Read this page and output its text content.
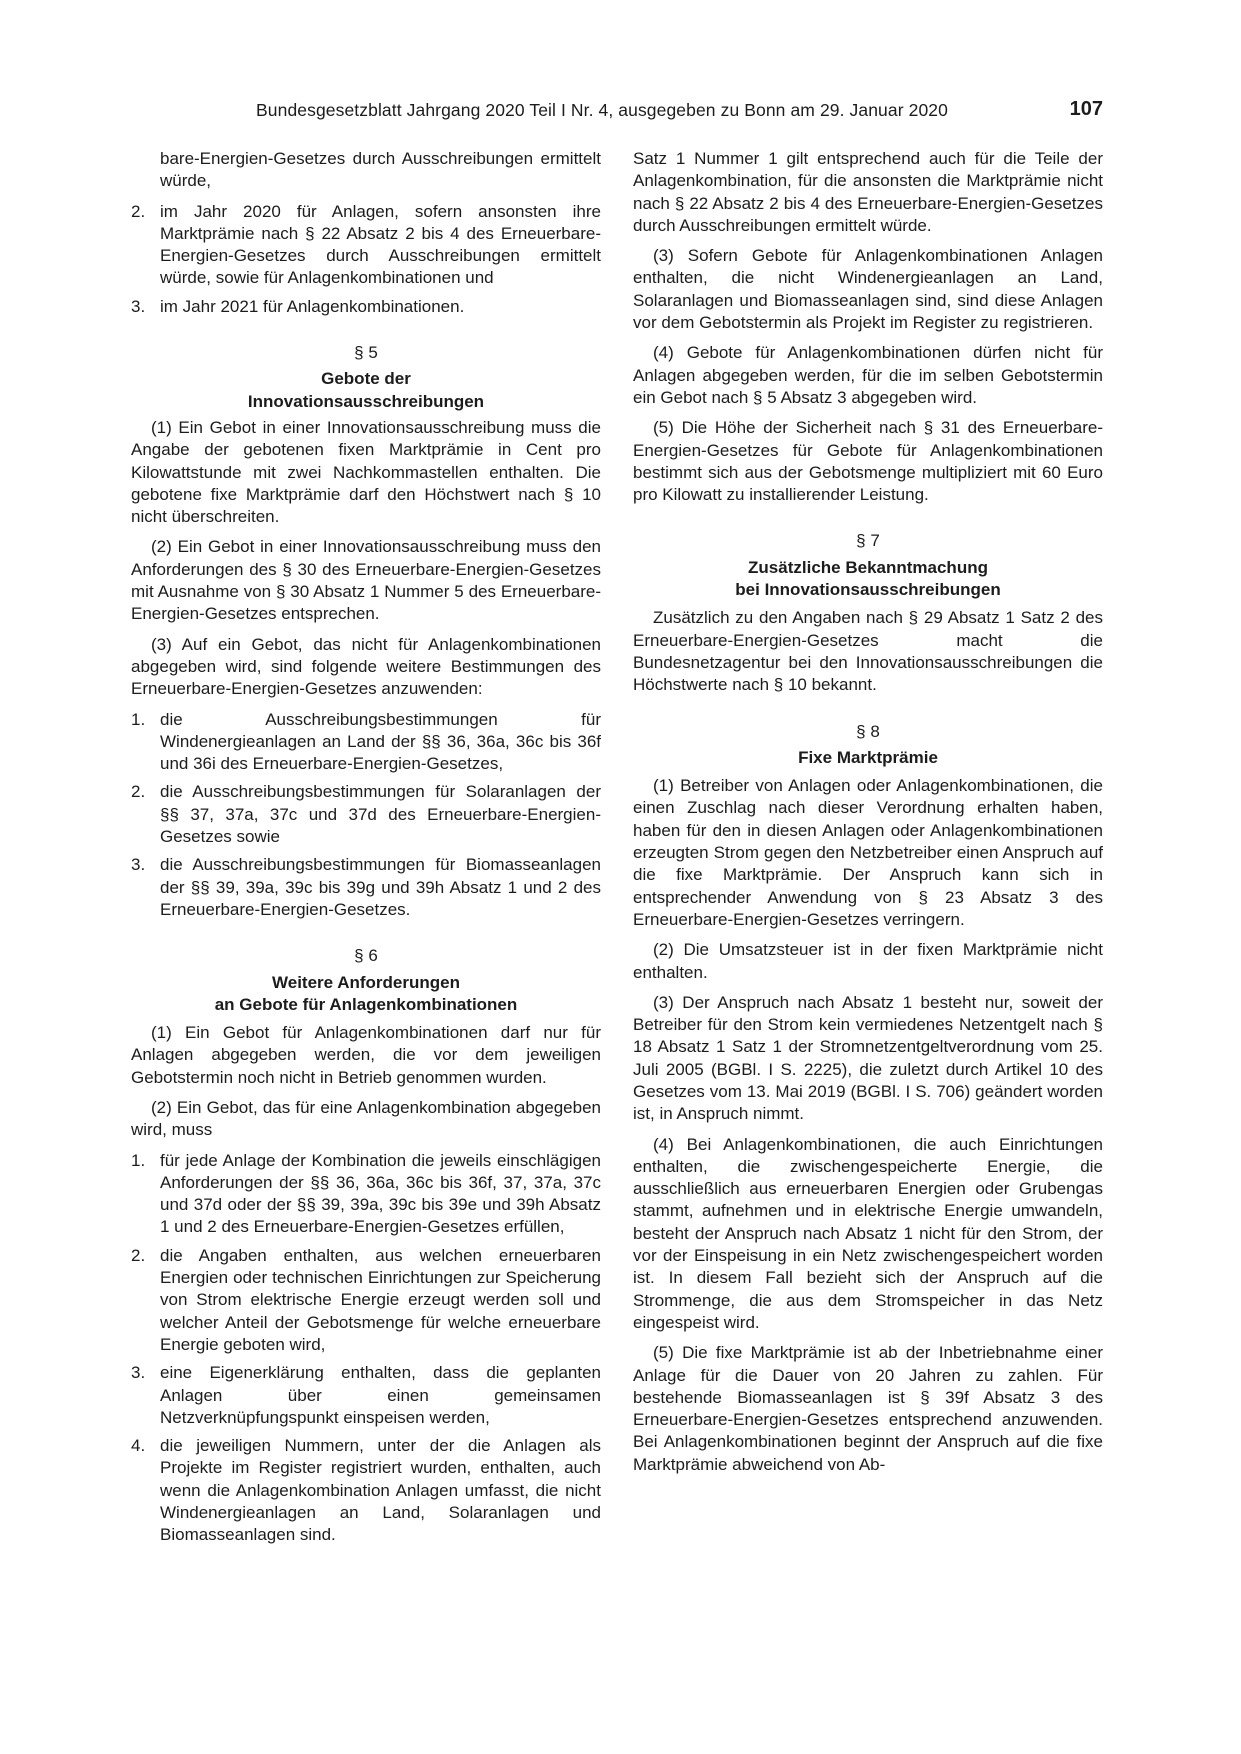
Bundesgesetzblatt Jahrgang 2020 Teil I Nr. 4, ausgegeben zu Bonn am 29. Januar 2020	107
bare-Energien-Gesetzes durch Ausschreibungen ermittelt würde,
2. im Jahr 2020 für Anlagen, sofern ansonsten ihre Marktprämie nach § 22 Absatz 2 bis 4 des Erneuerbare-Energien-Gesetzes durch Ausschreibungen ermittelt würde, sowie für Anlagenkombinationen und
3. im Jahr 2021 für Anlagenkombinationen.
§ 5
Gebote der
Innovationsausschreibungen

(1) Ein Gebot in einer Innovationsausschreibung muss die Angabe der gebotenen fixen Marktprämie in Cent pro Kilowattstunde mit zwei Nachkommastellen enthalten. Die gebotene fixe Marktprämie darf den Höchstwert nach § 10 nicht überschreiten.

(2) Ein Gebot in einer Innovationsausschreibung muss den Anforderungen des § 30 des Erneuerbare-Energien-Gesetzes mit Ausnahme von § 30 Absatz 1 Nummer 5 des Erneuerbare-Energien-Gesetzes entsprechen.

(3) Auf ein Gebot, das nicht für Anlagenkombinationen abgegeben wird, sind folgende weitere Bestimmungen des Erneuerbare-Energien-Gesetzes anzuwenden:

1. die Ausschreibungsbestimmungen für Windenergieanlagen an Land der §§ 36, 36a, 36c bis 36f und 36i des Erneuerbare-Energien-Gesetzes,
2. die Ausschreibungsbestimmungen für Solaranlagen der §§ 37, 37a, 37c und 37d des Erneuerbare-Energien-Gesetzes sowie
3. die Ausschreibungsbestimmungen für Biomasseanlagen der §§ 39, 39a, 39c bis 39g und 39h Absatz 1 und 2 des Erneuerbare-Energien-Gesetzes.
§ 6
Weitere Anforderungen
an Gebote für Anlagenkombinationen

(1) Ein Gebot für Anlagenkombinationen darf nur für Anlagen abgegeben werden, die vor dem jeweiligen Gebotstermin noch nicht in Betrieb genommen wurden.

(2) Ein Gebot, das für eine Anlagenkombination abgegeben wird, muss

1. für jede Anlage der Kombination die jeweils einschlägigen Anforderungen der §§ 36, 36a, 36c bis 36f, 37, 37a, 37c und 37d oder der §§ 39, 39a, 39c bis 39e und 39h Absatz 1 und 2 des Erneuerbare-Energien-Gesetzes erfüllen,
2. die Angaben enthalten, aus welchen erneuerbaren Energien oder technischen Einrichtungen zur Speicherung von Strom elektrische Energie erzeugt werden soll und welcher Anteil der Gebotsmenge für welche erneuerbare Energie geboten wird,
3. eine Eigenerklärung enthalten, dass die geplanten Anlagen über einen gemeinsamen Netzverknüpfungspunkt einspeisen werden,
4. die jeweiligen Nummern, unter der die Anlagen als Projekte im Register registriert wurden, enthalten, auch wenn die Anlagenkombination Anlagen umfasst, die nicht Windenergieanlagen an Land, Solaranlagen und Biomasseanlagen sind.

Satz 1 Nummer 1 gilt entsprechend auch für die Teile der Anlagenkombination, für die ansonsten die Marktprämie nicht nach § 22 Absatz 2 bis 4 des Erneuerbare-Energien-Gesetzes durch Ausschreibungen ermittelt würde.

(3) Sofern Gebote für Anlagenkombinationen Anlagen enthalten, die nicht Windenergieanlagen an Land, Solaranlagen und Biomasseanlagen sind, sind diese Anlagen vor dem Gebotstermin als Projekt im Register zu registrieren.

(4) Gebote für Anlagenkombinationen dürfen nicht für Anlagen abgegeben werden, für die im selben Gebotstermin ein Gebot nach § 5 Absatz 3 abgegeben wird.

(5) Die Höhe der Sicherheit nach § 31 des Erneuerbare-Energien-Gesetzes für Gebote für Anlagenkombinationen bestimmt sich aus der Gebotsmenge multipliziert mit 60 Euro pro Kilowatt zu installierender Leistung.

§ 7
Zusätzliche Bekanntmachung
bei Innovationsausschreibungen

Zusätzlich zu den Angaben nach § 29 Absatz 1 Satz 2 des Erneuerbare-Energien-Gesetzes macht die Bundesnetzagentur bei den Innovationsausschreibungen die Höchstwerte nach § 10 bekannt.

§ 8
Fixe Marktprämie

(1) Betreiber von Anlagen oder Anlagenkombinationen, die einen Zuschlag nach dieser Verordnung erhalten haben, haben für den in diesen Anlagen oder Anlagenkombinationen erzeugten Strom gegen den Netzbetreiber einen Anspruch auf die fixe Marktprämie. Der Anspruch kann sich in entsprechender Anwendung von § 23 Absatz 3 des Erneuerbare-Energien-Gesetzes verringern.

(2) Die Umsatzsteuer ist in der fixen Marktprämie nicht enthalten.

(3) Der Anspruch nach Absatz 1 besteht nur, soweit der Betreiber für den Strom kein vermiedenes Netzentgelt nach § 18 Absatz 1 Satz 1 der Stromnetzentgeltverordnung vom 25. Juli 2005 (BGBl. I S. 2225), die zuletzt durch Artikel 10 des Gesetzes vom 13. Mai 2019 (BGBl. I S. 706) geändert worden ist, in Anspruch nimmt.

(4) Bei Anlagenkombinationen, die auch Einrichtungen enthalten, die zwischengespeicherte Energie, die ausschließlich aus erneuerbaren Energien oder Grubengas stammt, aufnehmen und in elektrische Energie umwandeln, besteht der Anspruch nach Absatz 1 nicht für den Strom, der vor der Einspeisung in ein Netz zwischengespeichert worden ist. In diesem Fall bezieht sich der Anspruch auf die Strommenge, die aus dem Stromspeicher in das Netz eingespeist wird.

(5) Die fixe Marktprämie ist ab der Inbetriebnahme einer Anlage für die Dauer von 20 Jahren zu zahlen. Für bestehende Biomasseanlagen ist § 39f Absatz 3 des Erneuerbare-Energien-Gesetzes entsprechend anzuwenden. Bei Anlagenkombinationen beginnt der Anspruch auf die fixe Marktprämie abweichend von Ab-
